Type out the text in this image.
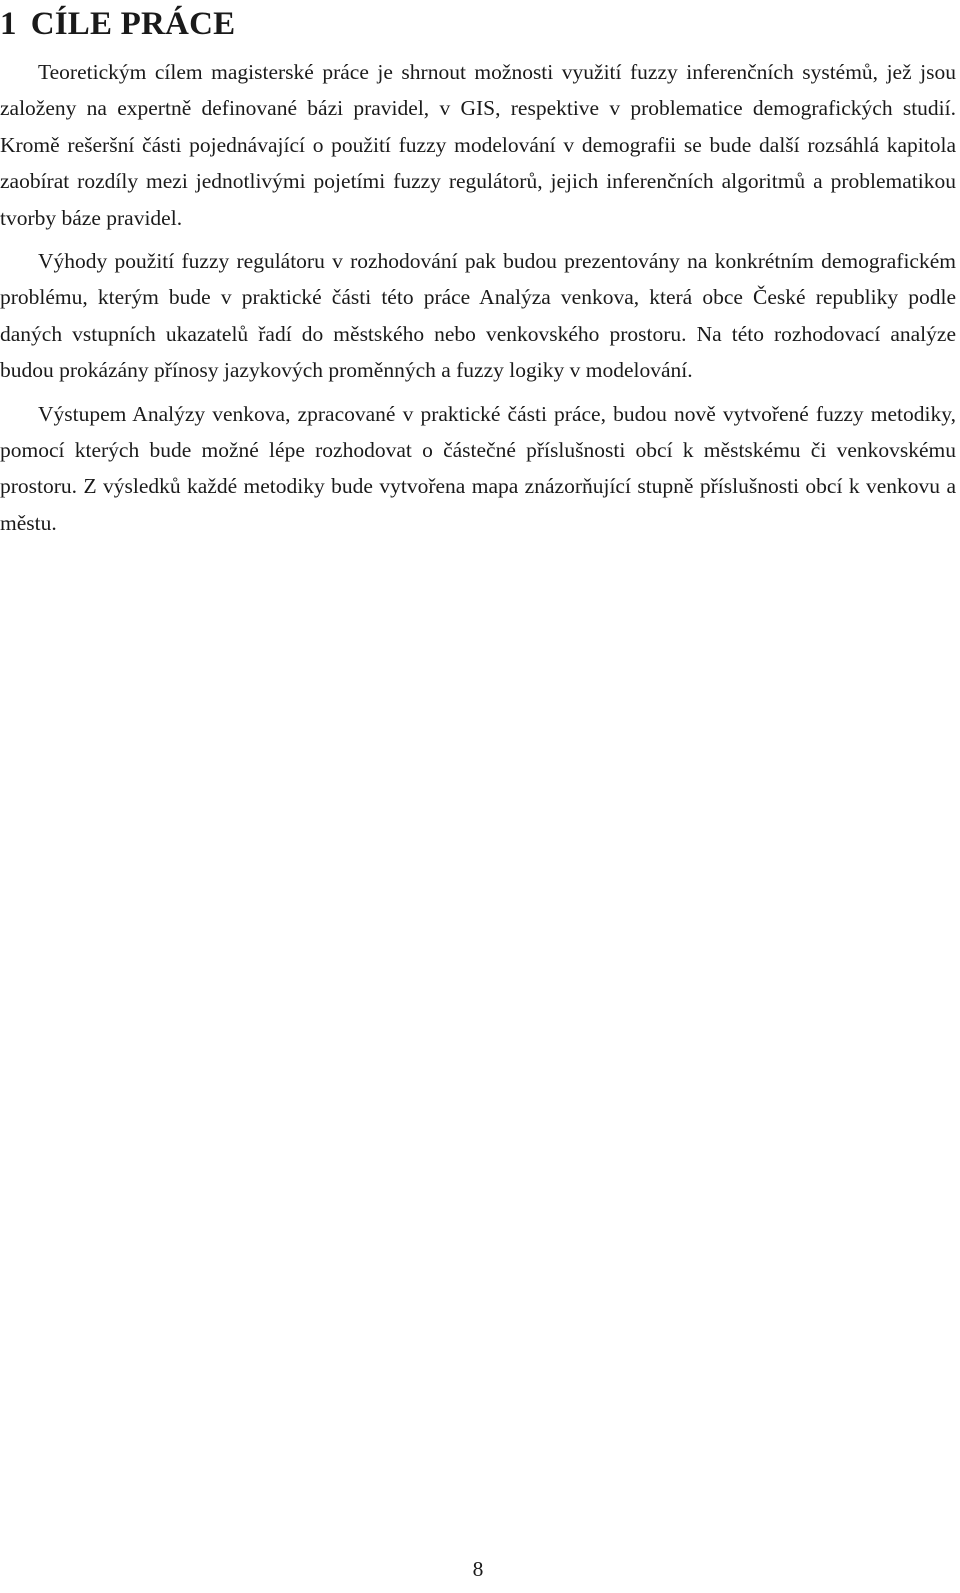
1 CÍLE PRÁCE

Teoretickým cílem magisterské práce je shrnout možnosti využití fuzzy inferenčních systémů, jež jsou založeny na expertně definované bázi pravidel, v GIS, respektive v problematice demografických studií. Kromě rešeršní části pojednávající o použití fuzzy modelování v demografii se bude další rozsáhlá kapitola zaobírat rozdíly mezi jednotlivými pojetími fuzzy regulátorů, jejich inferenčních algoritmů a problematikou tvorby báze pravidel.

Výhody použití fuzzy regulátoru v rozhodování pak budou prezentovány na konkrétním demografickém problému, kterým bude v praktické části této práce Analýza venkova, která obce České republiky podle daných vstupních ukazatelů řadí do městského nebo venkovského prostoru. Na této rozhodovací analýze budou prokázány přínosy jazykových proměnných a fuzzy logiky v modelování.

Výstupem Analýzy venkova, zpracované v praktické části práce, budou nově vytvořené fuzzy metodiky, pomocí kterých bude možné lépe rozhodovat o částečné příslušnosti obcí k městskému či venkovskému prostoru. Z výsledků každé metodiky bude vytvořena mapa znázorňující stupně příslušnosti obcí k venkovu a městu.

8
